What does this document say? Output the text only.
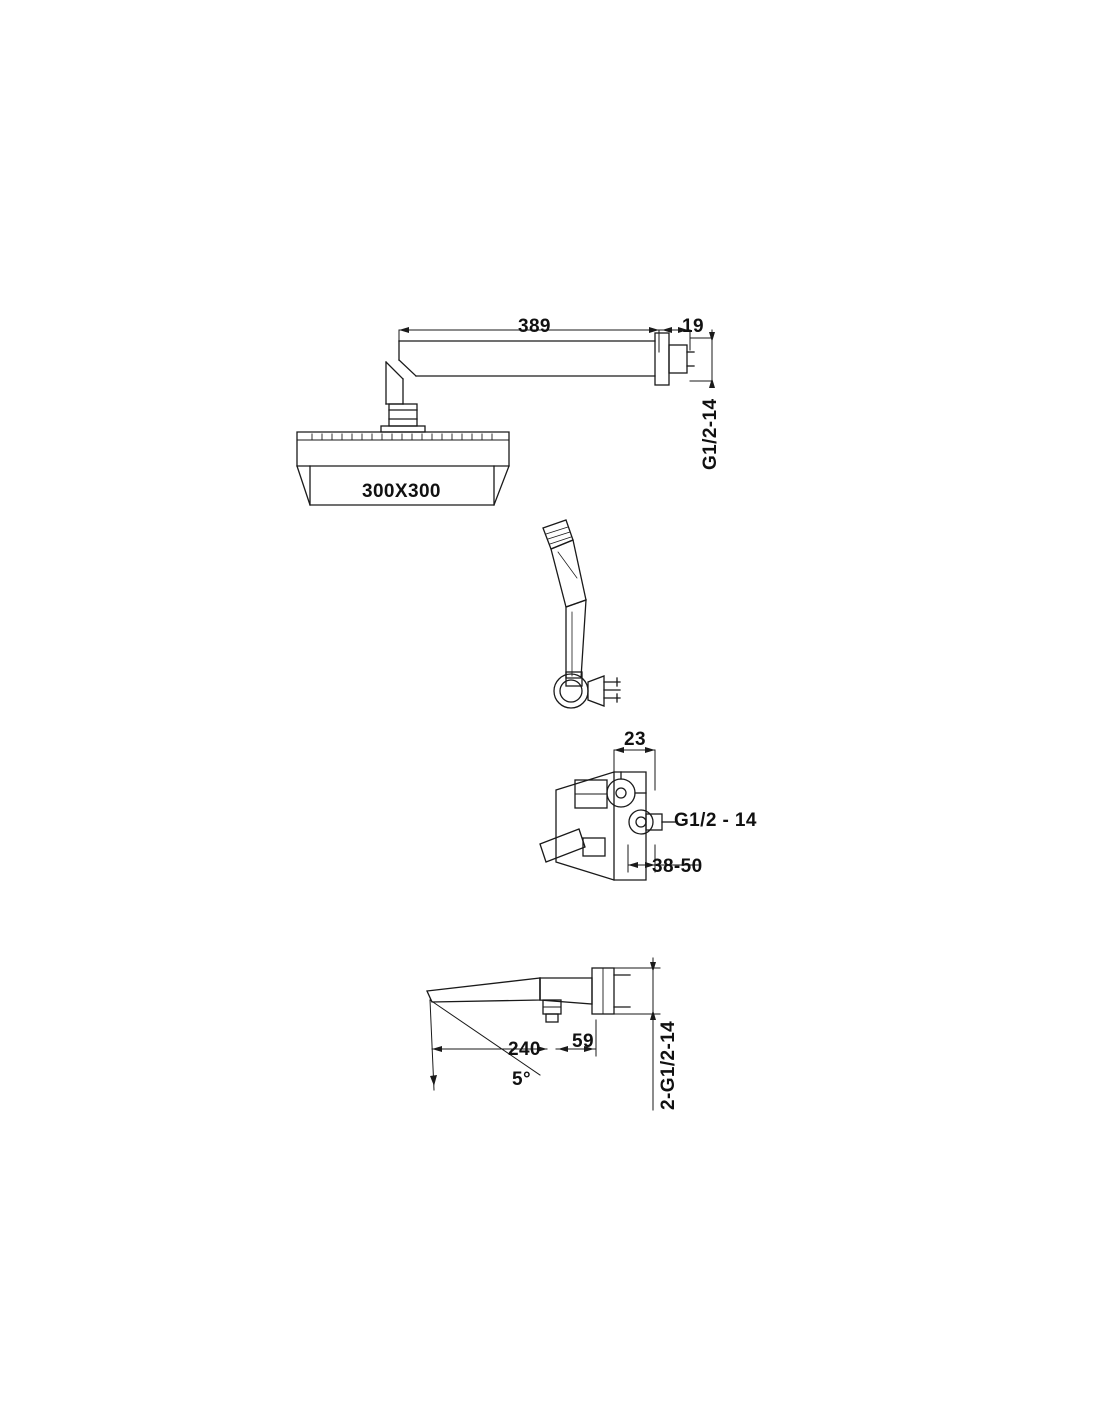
389	19
G1/2-14
300X300
23
G1/2 - 14
38-50
240 59
5°	2-G1/2-14
